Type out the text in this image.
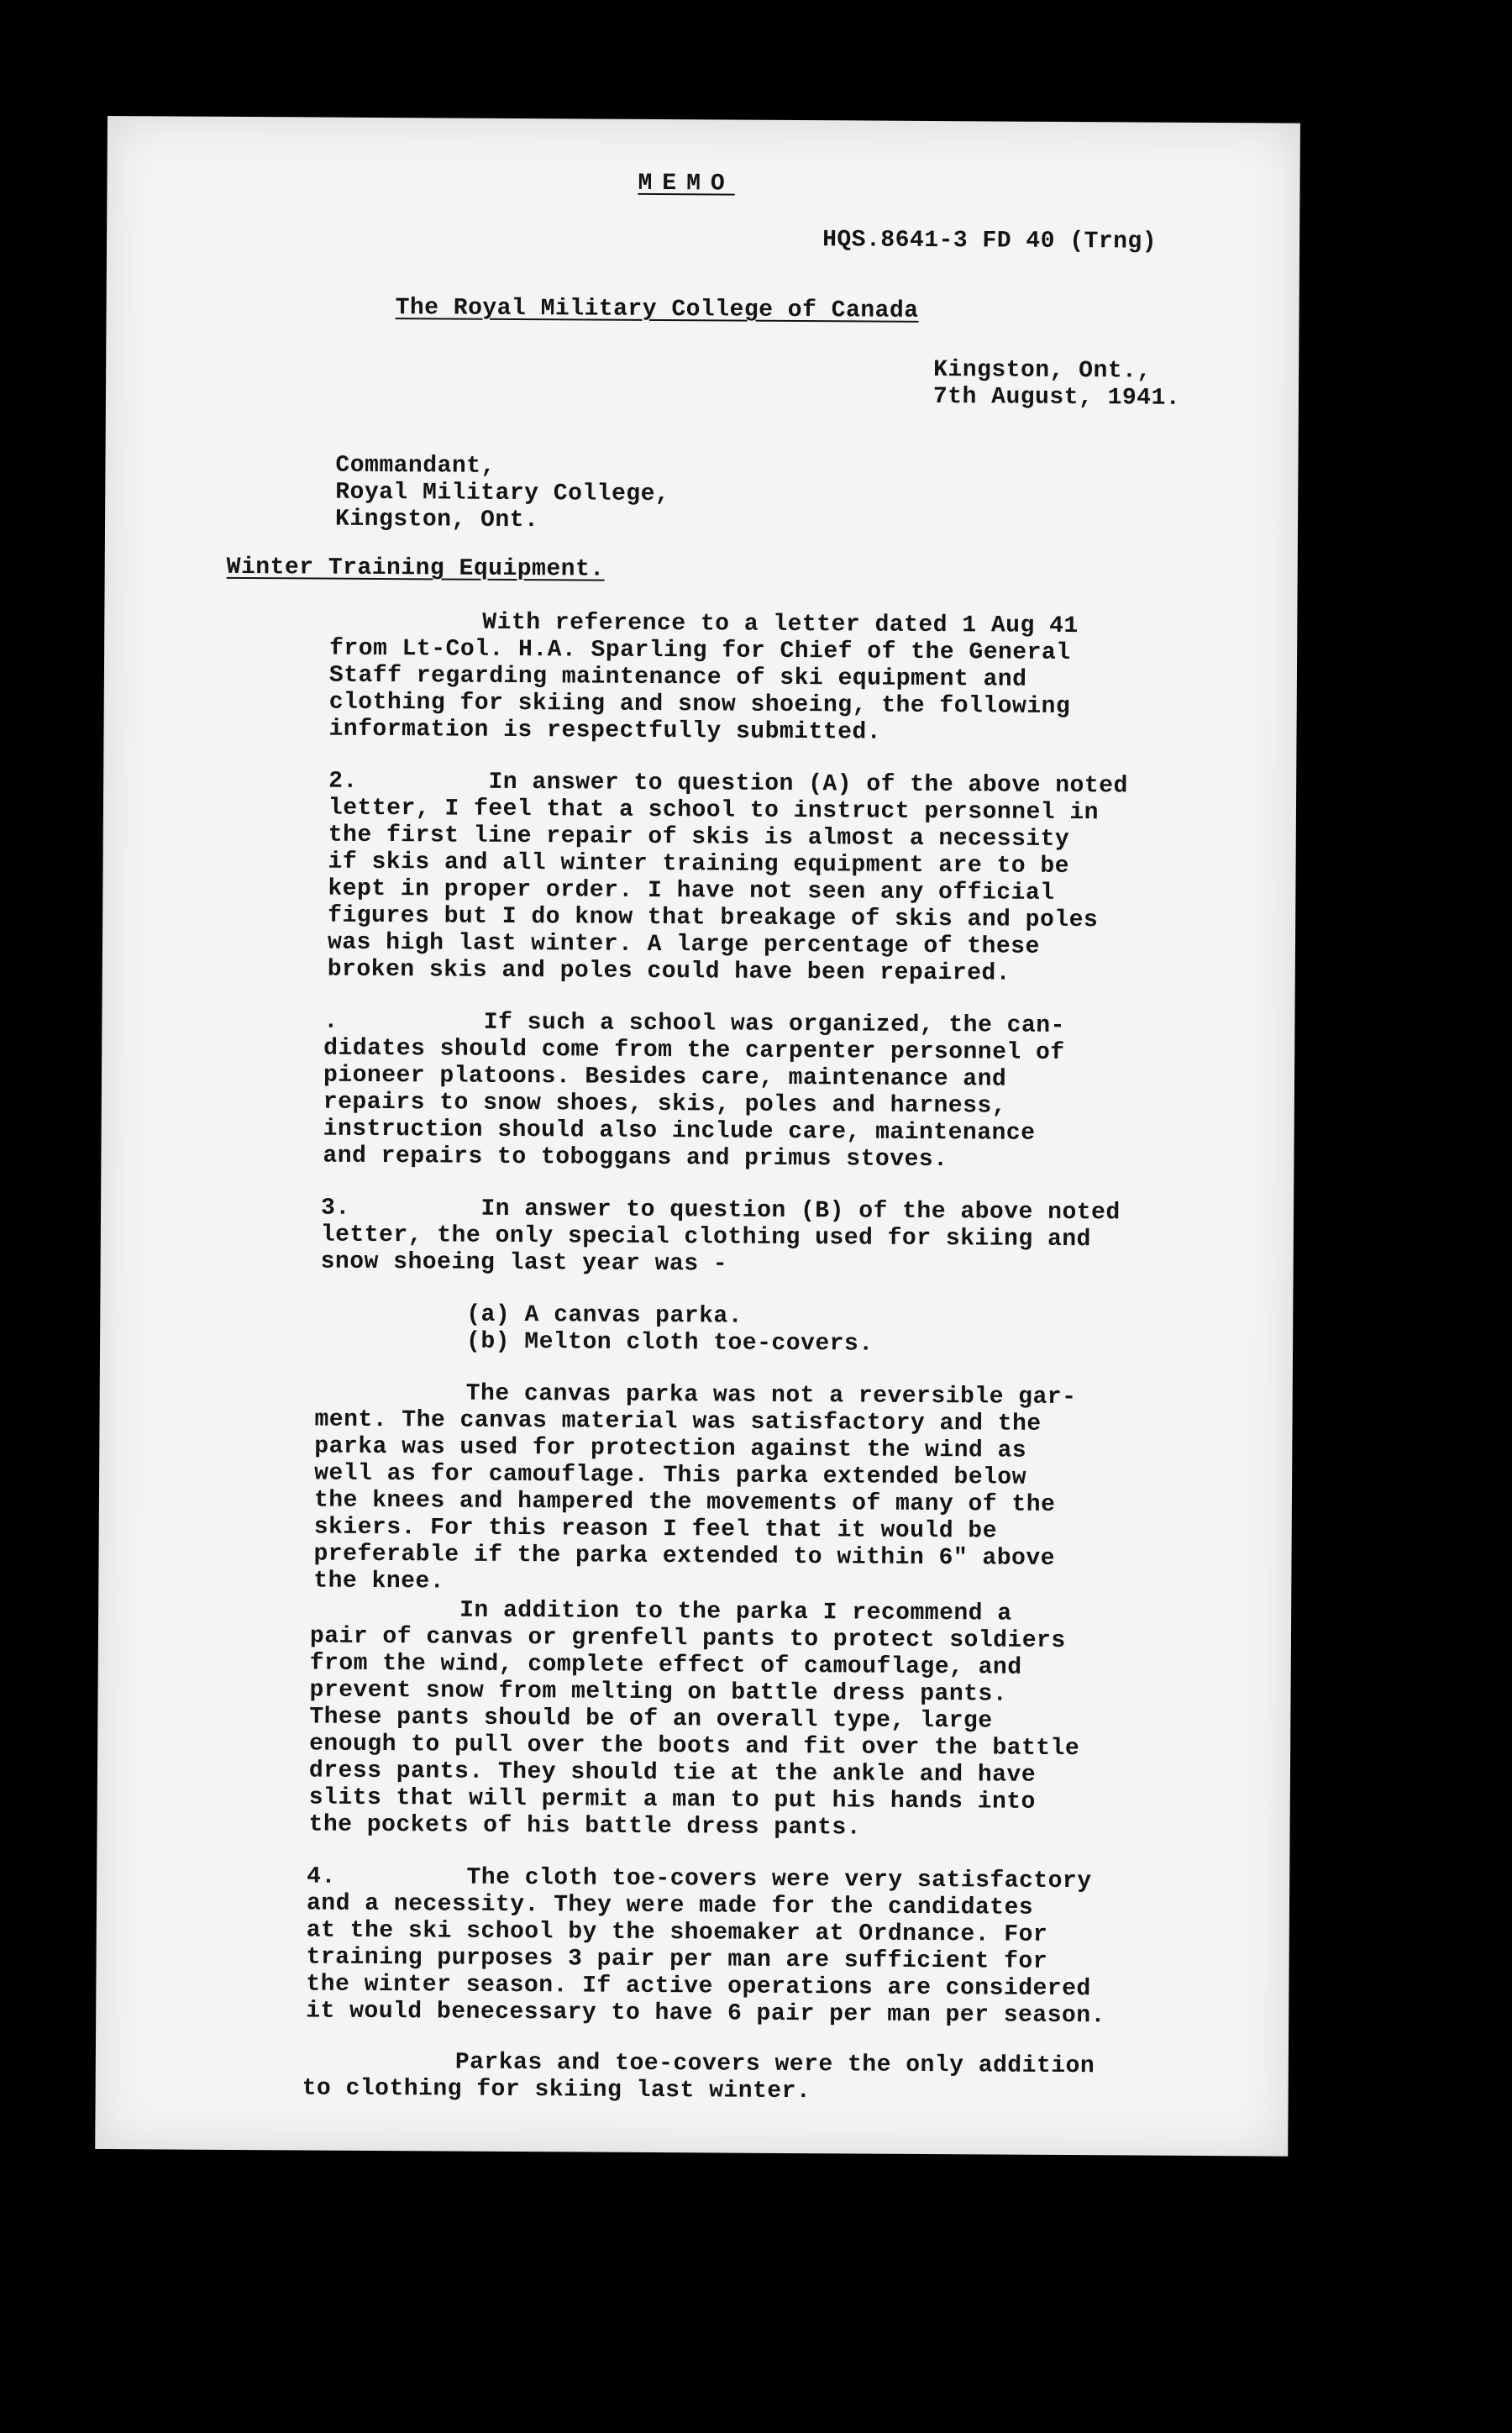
MEMO
HQS.8641-3 FD 40 (Trng)
The Royal Military College of Canada
Kingston, Ont.,
7th August, 1941.
Commandant,
Royal Military College,
Kingston, Ont.
Winter Training Equipment.
With reference to a letter dated 1 Aug 41
from Lt-Col. H.A. Sparling for Chief of the General
Staff regarding maintenance of ski equipment and
clothing for skiing and snow shoeing, the following
information is respectfully submitted.
2.         In answer to question (A) of the above noted
letter, I feel that a school to instruct personnel in
the first line repair of skis is almost a necessity
if skis and all winter training equipment are to be
kept in proper order. I have not seen any official
figures but I do know that breakage of skis and poles
was high last winter. A large percentage of these
broken skis and poles could have been repaired.
.          If such a school was organized, the can-
didates should come from the carpenter personnel of
pioneer platoons. Besides care, maintenance and
repairs to snow shoes, skis, poles and harness,
instruction should also include care, maintenance
and repairs to toboggans and primus stoves.
3.         In answer to question (B) of the above noted
letter, the only special clothing used for skiing and
snow shoeing last year was -
(a) A canvas parka.
(b) Melton cloth toe-covers.
The canvas parka was not a reversible gar-
ment. The canvas material was satisfactory and the
parka was used for protection against the wind as
well as for camouflage. This parka extended below
the knees and hampered the movements of many of the
skiers. For this reason I feel that it would be
preferable if the parka extended to within 6" above
the knee.
In addition to the parka I recommend a
pair of canvas or grenfell pants to protect soldiers
from the wind, complete effect of camouflage, and
prevent snow from melting on battle dress pants.
These pants should be of an overall type, large
enough to pull over the boots and fit over the battle
dress pants. They should tie at the ankle and have
slits that will permit a man to put his hands into
the pockets of his battle dress pants.
4.         The cloth toe-covers were very satisfactory
and a necessity. They were made for the candidates
at the ski school by the shoemaker at Ordnance. For
training purposes 3 pair per man are sufficient for
the winter season. If active operations are considered
it would benecessary to have 6 pair per man per season.
Parkas and toe-covers were the only addition
to clothing for skiing last winter.
